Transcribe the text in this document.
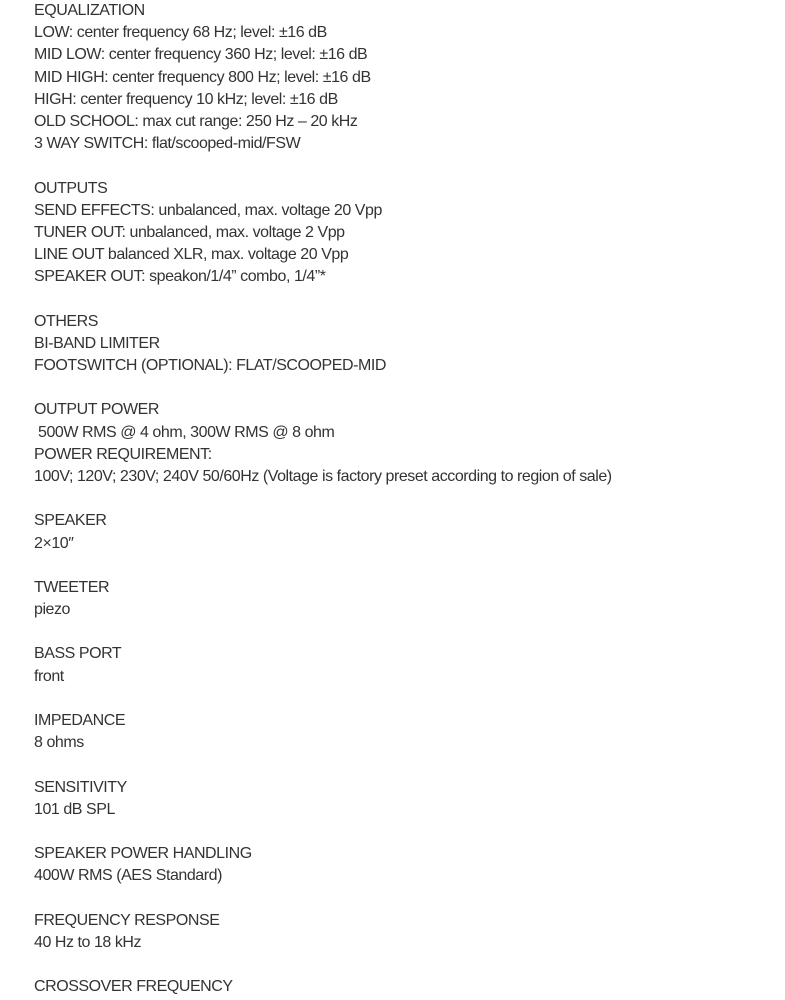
EQUALIZATION
LOW: center frequency 68 Hz; level: ±16 dB
MID LOW: center frequency 360 Hz; level: ±16 dB
MID HIGH: center frequency 800 Hz; level: ±16 dB
HIGH: center frequency 10 kHz; level: ±16 dB
OLD SCHOOL: max cut range: 250 Hz – 20 kHz
3 WAY SWITCH: flat/scooped-mid/FSW
OUTPUTS
SEND EFFECTS: unbalanced, max. voltage 20 Vpp
TUNER OUT: unbalanced, max. voltage 2 Vpp
LINE OUT balanced XLR, max. voltage 20 Vpp
SPEAKER OUT: speakon/1/4” combo, 1/4”*
OTHERS
BI-BAND LIMITER
FOOTSWITCH (OPTIONAL): FLAT/SCOOPED-MID
OUTPUT POWER
500W RMS @ 4 ohm, 300W RMS @ 8 ohm
POWER REQUIREMENT:
100V; 120V; 230V; 240V 50/60Hz (Voltage is factory preset according to region of sale)
SPEAKER
2×10″
TWEETER
piezo
BASS PORT
front
IMPEDANCE
8 ohms
SENSITIVITY
101 dB SPL
SPEAKER POWER HANDLING
400W RMS (AES Standard)
FREQUENCY RESPONSE
40 Hz to 18 kHz
CROSSOVER FREQUENCY
